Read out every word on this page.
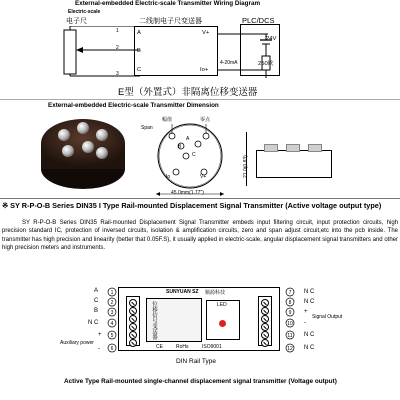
External-embedded Electric-scale Transmitter Wiring Diagram
Electric-scale
电子尺	二线制电子尺变送器	PLC/DCS
A
B
C
V+
Io+
1
2
3
24V
250欧
4-20mA
E型（外置式）非隔离位移变送器
External-embedded Electric-scale Transmitter Dimension
Span
幅值	零点
A
B
C
Io	V+
45.0mm(1.77")
21.0(0.83)
※ SY R-P-O-B Series DIN35 I Type Rail-mounted Displacement Signal Transmitter (Active voltage output type)
SY R-P-O-B Series DIN35 Rail-mounted Displacement Signal Transmitter embeds input filtering circuit, input protection circuits, high precision standard IC, protection of inversed circuits, isolation & amplification circuits, zero and span adjust circuit,etc into the pcb inside. The transmitter has high precision and linearity (better that 0.05F.S), it usually applied in electric-scale, angular displacement signal transmitters and other high precision meters and instruments.
SUNYUAN SZ 顺源科技
位移信号变送器	LED
CE	RoHs	ISO9001
A
C
B
N C
+
-
Auxiliary power
1
2
3
4
5
6
7
8
9
10
11
12
N C
N C
+
-
N C
N C
Signal Output
DIN Rail Type
Active Type Rail-mounted single-channel displacement signal transmitter (Voltage output)
